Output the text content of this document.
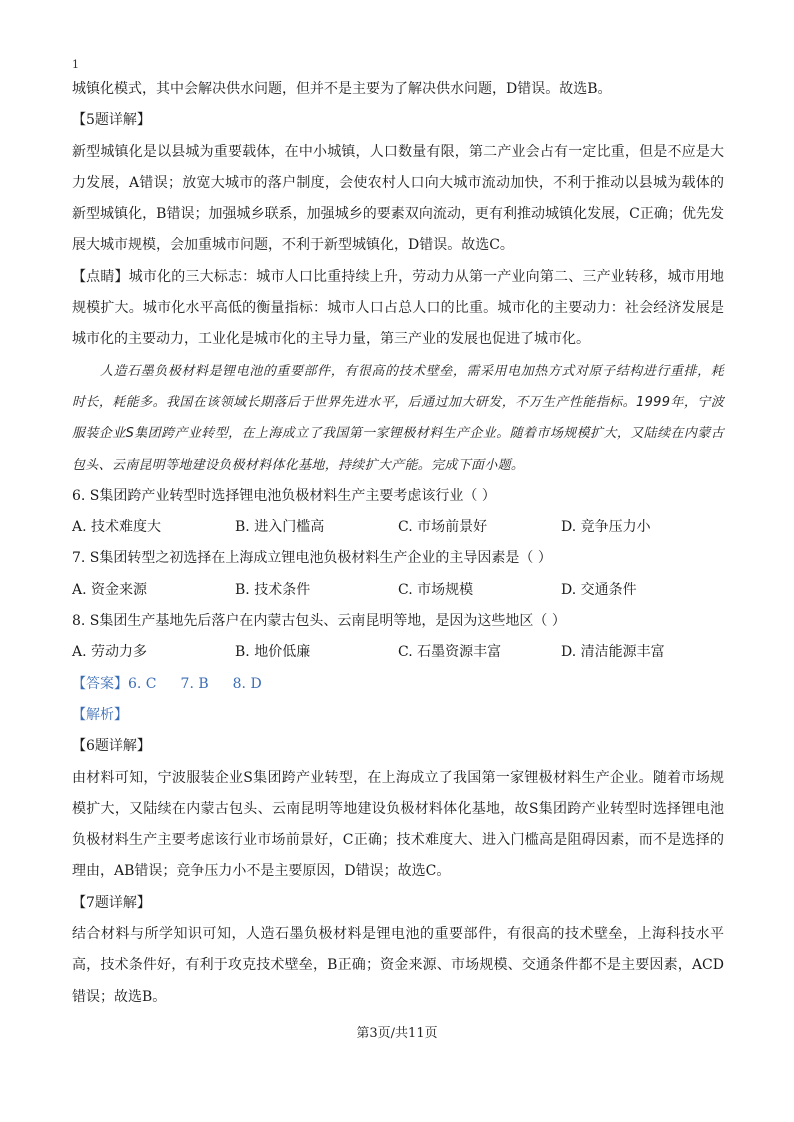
1

城镇化模式，其中会解决供水问题，但并不是主要为了解决供水问题，D错误。故选B。

【5题详解】

新型城镇化是以县城为重要载体，在中小城镇，人口数量有限，第二产业会占有一定比重，但是不应是大力发展，A错误；放宽大城市的落户制度，会使农村人口向大城市流动加快，不利于推动以县城为载体的新型城镇化，B错误；加强城乡联系，加强城乡的要素双向流动，更有利推动城镇化发展，C正确；优先发展大城市规模，会加重城市问题，不利于新型城镇化，D错误。故选C。

【点睛】城市化的三大标志：城市人口比重持续上升，劳动力从第一产业向第二、三产业转移，城市用地规模扩大。城市化水平高低的衡量指标：城市人口占总人口的比重。城市化的主要动力：社会经济发展是城市化的主要动力，工业化是城市化的主导力量，第三产业的发展也促进了城市化。

人造石墨负极材料是锂电池的重要部件，有很高的技术壁垒，需采用电加热方式对原子结构进行重排，耗时长，耗能多。我国在该领域长期落后于世界先进水平，后通过加大研发，不万生产性能指标。1999年，宁波服装企业S集团跨产业转型，在上海成立了我国第一家锂极材料生产企业。随着市场规模扩大，又陆续在内蒙古包头、云南昆明等地建设负极材料体化基地，持续扩大产能。完成下面小题。

6. S集团跨产业转型时选择锂电池负极材料生产主要考虑该行业（ ）

A. 技术难度大	B. 进入门槛高	C. 市场前景好	D. 竞争压力小

7. S集团转型之初选择在上海成立锂电池负极材料生产企业的主导因素是（ ）

A. 资金来源	B. 技术条件	C. 市场规模	D. 交通条件

8. S集团生产基地先后落户在内蒙古包头、云南昆明等地，是因为这些地区（ ）

A. 劳动力多	B. 地价低廉	C. 石墨资源丰富	D. 清洁能源丰富

【答案】6. C 7. B 8. D

【解析】

【6题详解】

由材料可知，宁波服装企业S集团跨产业转型，在上海成立了我国第一家锂极材料生产企业。随着市场规模扩大，又陆续在内蒙古包头、云南昆明等地建设负极材料体化基地，故S集团跨产业转型时选择锂电池负极材料生产主要考虑该行业市场前景好，C正确；技术难度大、进入门槛高是阻碍因素，而不是选择的理由，AB错误；竞争压力小不是主要原因，D错误；故选C。

【7题详解】

结合材料与所学知识可知，人造石墨负极材料是锂电池的重要部件，有很高的技术壁垒，上海科技水平高，技术条件好，有利于攻克技术壁垒，B正确；资金来源、市场规模、交通条件都不是主要因素，ACD错误；故选B。

第3页/共11页
